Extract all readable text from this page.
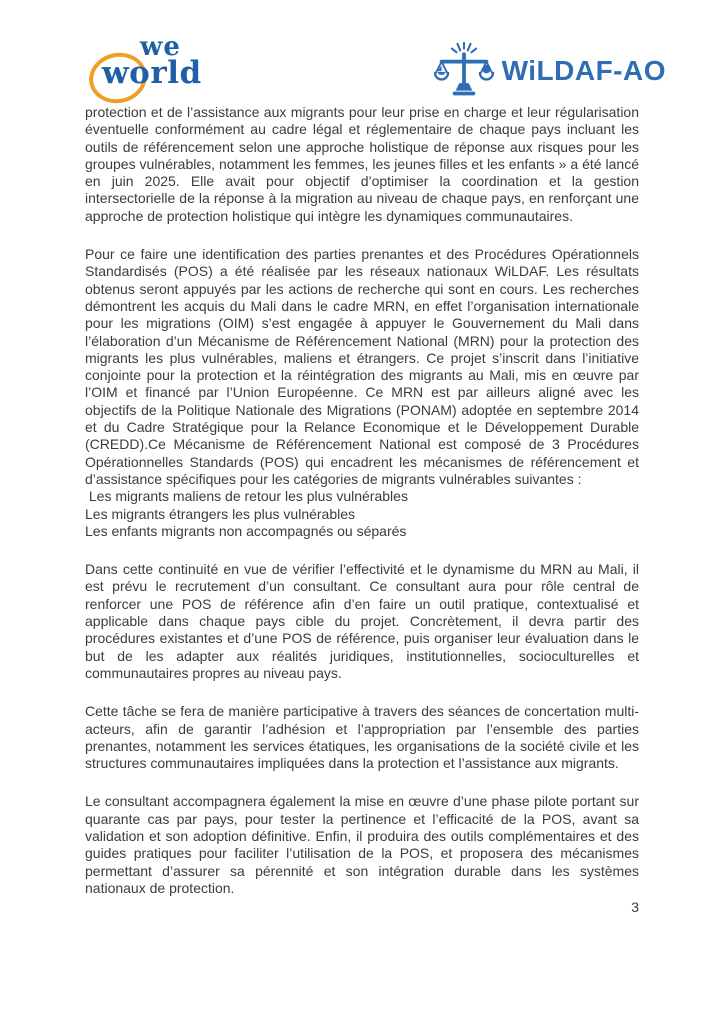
we
world	WiLDAF-AO

protection et de l’assistance aux migrants pour leur prise en charge et leur régularisation éventuelle conformément au cadre légal et réglementaire de chaque pays incluant les outils de référencement selon une approche holistique de réponse aux risques pour les groupes vulnérables, notamment les femmes, les jeunes filles et les enfants » a été lancé en juin 2025. Elle avait pour objectif d’optimiser la coordination et la gestion intersectorielle de la réponse à la migration au niveau de chaque pays, en renforçant une approche de protection holistique qui intègre les dynamiques communautaires.

Pour ce faire une identification des parties prenantes et des Procédures Opérationnels Standardisés (POS) a été réalisée par les réseaux nationaux WiLDAF. Les résultats obtenus seront appuyés par les actions de recherche qui sont en cours. Les recherches démontrent les acquis du Mali dans le cadre MRN, en effet l’organisation internationale pour les migrations (OIM) s’est engagée à appuyer le Gouvernement du Mali dans l’élaboration d’un Mécanisme de Référencement National (MRN) pour la protection des migrants les plus vulnérables, maliens et étrangers. Ce projet s’inscrit dans l’initiative conjointe pour la protection et la réintégration des migrants au Mali, mis en œuvre par l’OIM et financé par l’Union Européenne. Ce MRN est par ailleurs aligné avec les objectifs de la Politique Nationale des Migrations (PONAM) adoptée en septembre 2014 et du Cadre Stratégique pour la Relance Economique et le Développement Durable (CREDD).Ce Mécanisme de Référencement National est composé de 3 Procédures Opérationnelles Standards (POS) qui encadrent les mécanismes de référencement et d’assistance spécifiques pour les catégories de migrants vulnérables suivantes :

Les migrants maliens de retour les plus vulnérables
Les migrants étrangers les plus vulnérables
Les enfants migrants non accompagnés ou séparés

Dans cette continuité en vue de vérifier l’effectivité et le dynamisme du MRN au Mali, il est prévu le recrutement d’un consultant. Ce consultant aura pour rôle central de renforcer une POS de référence afin d’en faire un outil pratique, contextualisé et applicable dans chaque pays cible du projet. Concrètement, il devra partir des procédures existantes et d’une POS de référence, puis organiser leur évaluation dans le but de les adapter aux réalités juridiques, institutionnelles, socioculturelles et communautaires propres au niveau pays.

Cette tâche se fera de manière participative à travers des séances de concertation multi-acteurs, afin de garantir l’adhésion et l’appropriation par l’ensemble des parties prenantes, notamment les services étatiques, les organisations de la société civile et les structures communautaires impliquées dans la protection et l’assistance aux migrants.

Le consultant accompagnera également la mise en œuvre d’une phase pilote portant sur quarante cas par pays, pour tester la pertinence et l’efficacité de la POS, avant sa validation et son adoption définitive. Enfin, il produira des outils complémentaires et des guides pratiques pour faciliter l’utilisation de la POS, et proposera des mécanismes permettant d’assurer sa pérennité et son intégration durable dans les systèmes nationaux de protection.

3
